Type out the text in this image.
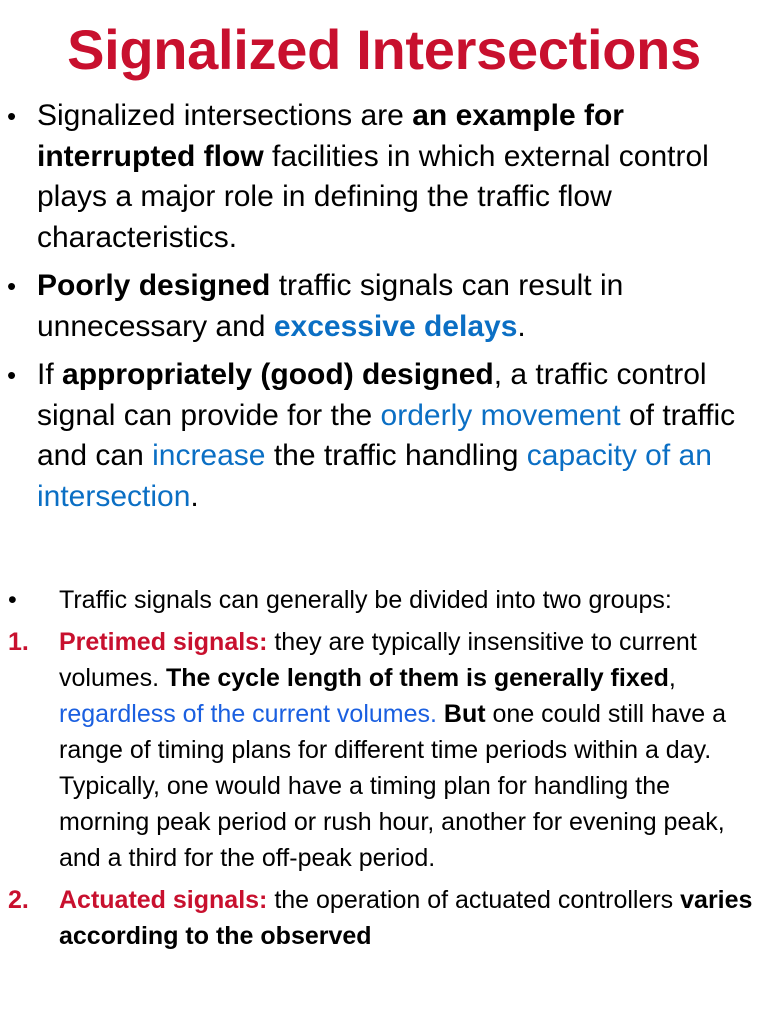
Signalized Intersections
• Signalized intersections are an example for interrupted flow facilities in which external control plays a major role in defining the traffic flow characteristics.
• Poorly designed traffic signals can result in unnecessary and excessive delays.
• If appropriately (good) designed, a traffic control signal can provide for the orderly movement of traffic and can increase the traffic handling capacity of an intersection.
• Traffic signals can generally be divided into two groups:
1. Pretimed signals: they are typically insensitive to current volumes. The cycle length of them is generally fixed, regardless of the current volumes. But one could still have a range of timing plans for different time periods within a day. Typically, one would have a timing plan for handling the morning peak period or rush hour, another for evening peak, and a third for the off-peak period.
2. Actuated signals: the operation of actuated controllers varies according to the observed
